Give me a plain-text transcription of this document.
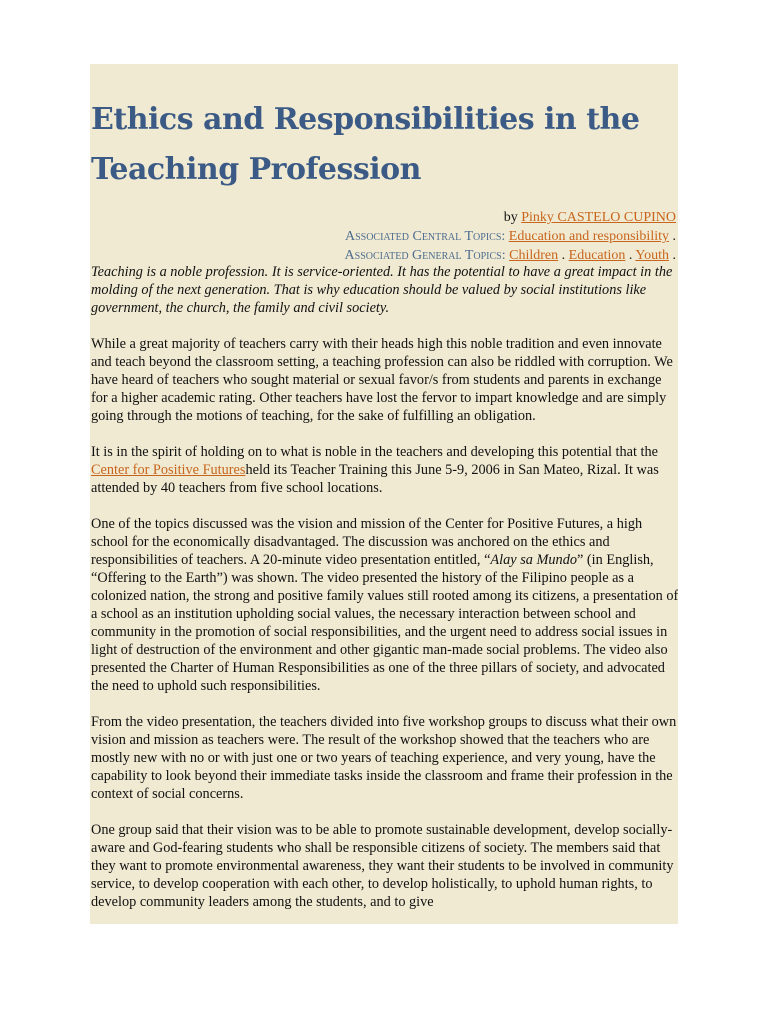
Ethics and Responsibilities in the Teaching Profession
by Pinky CASTELO CUPINO
Associated Central Topics: Education and responsibility .
Associated General Topics: Children . Education . Youth .

Teaching is a noble profession. It is service-oriented. It has the potential to have a great impact in the molding of the next generation. That is why education should be valued by social institutions like government, the church, the family and civil society.

While a great majority of teachers carry with their heads high this noble tradition and even innovate and teach beyond the classroom setting, a teaching profession can also be riddled with corruption. We have heard of teachers who sought material or sexual favor/s from students and parents in exchange for a higher academic rating. Other teachers have lost the fervor to impart knowledge and are simply going through the motions of teaching, for the sake of fulfilling an obligation.

It is in the spirit of holding on to what is noble in the teachers and developing this potential that the Center for Positive Futuresheld its Teacher Training this June 5-9, 2006 in San Mateo, Rizal. It was attended by 40 teachers from five school locations.

One of the topics discussed was the vision and mission of the Center for Positive Futures, a high school for the economically disadvantaged. The discussion was anchored on the ethics and responsibilities of teachers. A 20-minute video presentation entitled, “Alay sa Mundo” (in English, “Offering to the Earth”) was shown. The video presented the history of the Filipino people as a colonized nation, the strong and positive family values still rooted among its citizens, a presentation of a school as an institution upholding social values, the necessary interaction between school and community in the promotion of social responsibilities, and the urgent need to address social issues in light of destruction of the environment and other gigantic man-made social problems. The video also presented the Charter of Human Responsibilities as one of the three pillars of society, and advocated the need to uphold such responsibilities.

From the video presentation, the teachers divided into five workshop groups to discuss what their own vision and mission as teachers were. The result of the workshop showed that the teachers who are mostly new with no or with just one or two years of teaching experience, and very young, have the capability to look beyond their immediate tasks inside the classroom and frame their profession in the context of social concerns.

One group said that their vision was to be able to promote sustainable development, develop socially-aware and God-fearing students who shall be responsible citizens of society. The members said that they want to promote environmental awareness, they want their students to be involved in community service, to develop cooperation with each other, to develop holistically, to uphold human rights, to develop community leaders among the students, and to give
